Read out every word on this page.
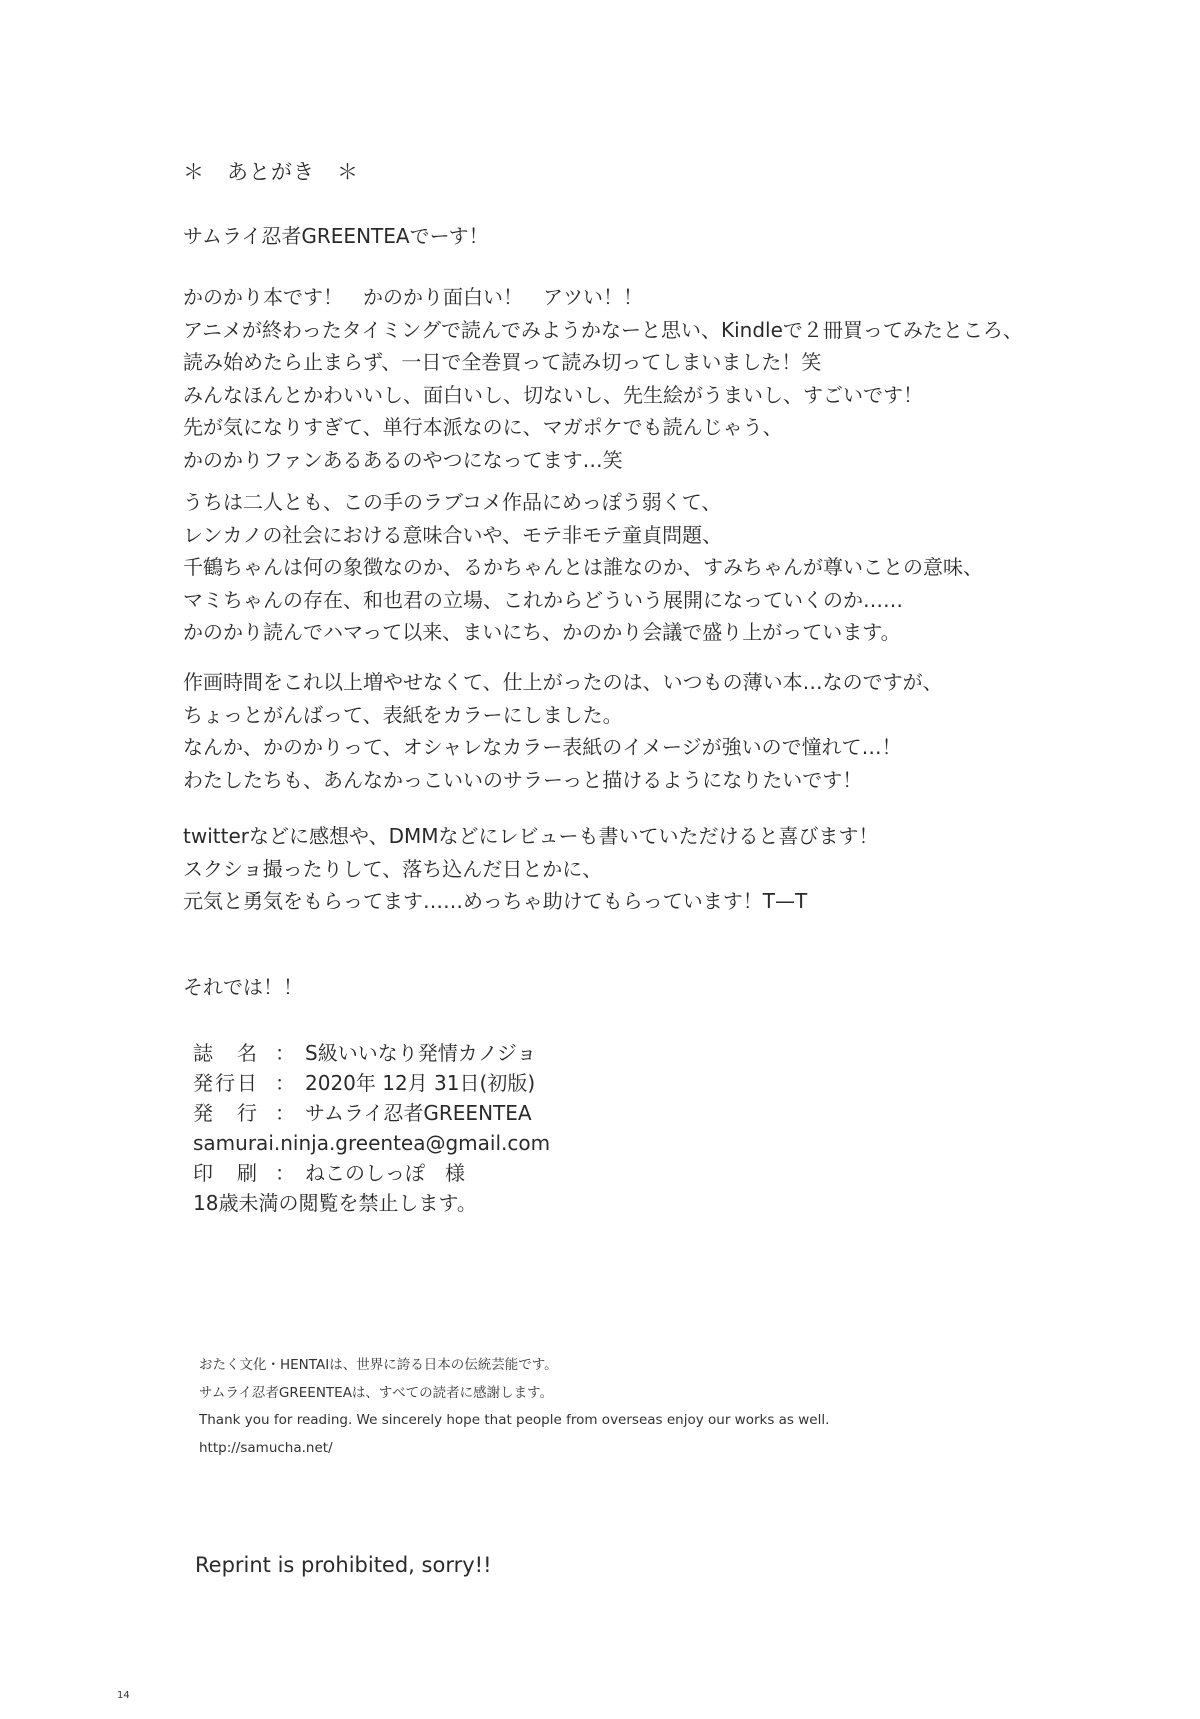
＊　あとがき　＊
サムライ忍者GREENTEAでーす！
かのかり本です！　かのかり面白い！　アツい！！
アニメが終わったタイミングで読んでみようかなーと思い、Kindleで２冊買ってみたところ、
読み始めたら止まらず、一日で全巻買って読み切ってしまいました！笑
みんなほんとかわいいし、面白いし、切ないし、先生絵がうまいし、すごいです！
先が気になりすぎて、単行本派なのに、マガポケでも読んじゃう、
かのかりファンあるあるのやつになってます…笑
うちは二人とも、この手のラブコメ作品にめっぽう弱くて、
レンカノの社会における意味合いや、モテ非モテ童貞問題、
千鶴ちゃんは何の象徴なのか、るかちゃんとは誰なのか、すみちゃんが尊いことの意味、
マミちゃんの存在、和也君の立場、これからどういう展開になっていくのか……
かのかり読んでハマって以来、まいにち、かのかり会議で盛り上がっています。
作画時間をこれ以上増やせなくて、仕上がったのは、いつもの薄い本…なのですが、
ちょっとがんばって、表紙をカラーにしました。
なんか、かのかりって、オシャレなカラー表紙のイメージが強いので憧れて…！
わたしたちも、あんなかっこいいのサラーっと描けるようになりたいです！
twitterなどに感想や、DMMなどにレビューも書いていただけると喜びます！
スクショ撮ったりして、落ち込んだ日とかに、
元気と勇気をもらってます……めっちゃ助けてもらっています！T—T
それでは！！
誌　名 ： S級いいなり発情カノジョ
発行日 ： 2020年 12月 31日(初版)
発　行 ： サムライ忍者GREENTEA
samurai.ninja.greentea@gmail.com
印　刷 ： ねこのしっぽ　様
18歳未満の閲覧を禁止します。
おたく文化・HENTAIは、世界に誇る日本の伝統芸能です。
サムライ忍者GREENTEAは、すべての読者に感謝します。
Thank you for reading. We sincerely hope that people from overseas enjoy our works as well.
http://samucha.net/
Reprint is prohibited, sorry!!
14
